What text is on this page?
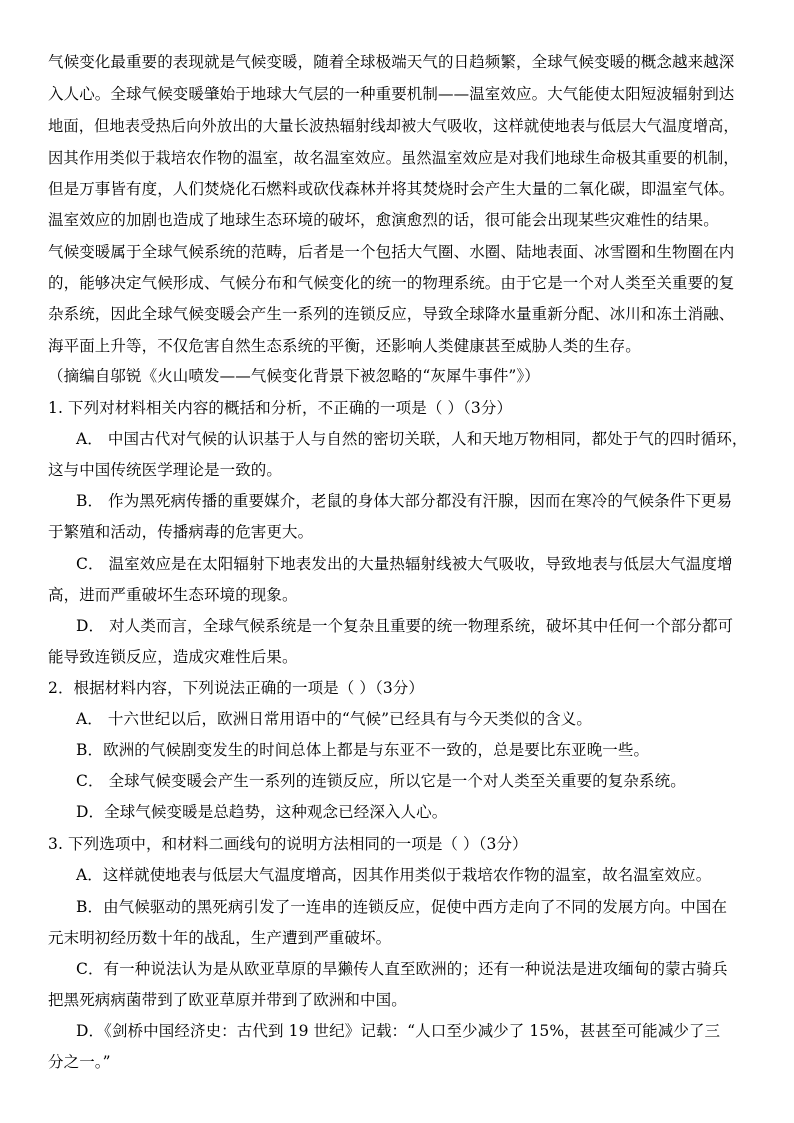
气候变化最重要的表现就是气候变暖，随着全球极端天气的日趋频繁，全球气候变暖的概念越来越深
入人心。全球气候变暖肇始于地球大气层的一种重要机制——温室效应。大气能使太阳短波辐射到达
地面，但地表受热后向外放出的大量长波热辐射线却被大气吸收，这样就使地表与低层大气温度增高，
因其作用类似于栽培农作物的温室，故名温室效应。虽然温室效应是对我们地球生命极其重要的机制，
但是万事皆有度，人们焚烧化石燃料或砍伐森林并将其焚烧时会产生大量的二氧化碳，即温室气体。
温室效应的加剧也造成了地球生态环境的破坏，愈演愈烈的话，很可能会出现某些灾难性的结果。
气候变暖属于全球气候系统的范畴，后者是一个包括大气圈、水圈、陆地表面、冰雪圈和生物圈在内
的，能够决定气候形成、气候分布和气候变化的统一的物理系统。由于它是一个对人类至关重要的复
杂系统，因此全球气候变暖会产生一系列的连锁反应，导致全球降水量重新分配、冰川和冻土消融、
海平面上升等，不仅危害自然生态系统的平衡，还影响人类健康甚至威胁人类的生存。
（摘编自邬锐《火山喷发——气候变化背景下被忽略的“灰犀牛事件”》）
1. 下列对材料相关内容的概括和分析，不正确的一项是（ ）（3分）
A． 中国古代对气候的认识基于人与自然的密切关联，人和天地万物相同，都处于气的四时循环，
这与中国传统医学理论是一致的。
B． 作为黑死病传播的重要媒介，老鼠的身体大部分都没有汗腺，因而在寒冷的气候条件下更易
于繁殖和活动，传播病毒的危害更大。
C． 温室效应是在太阳辐射下地表发出的大量热辐射线被大气吸收，导致地表与低层大气温度增
高，进而严重破坏生态环境的现象。
D． 对人类而言，全球气候系统是一个复杂且重要的统一物理系统，破坏其中任何一个部分都可
能导致连锁反应，造成灾难性后果。
2．根据材料内容，下列说法正确的一项是（ ）（3分）
A． 十六世纪以后，欧洲日常用语中的“气候”已经具有与今天类似的含义。
B．欧洲的气候剧变发生的时间总体上都是与东亚不一致的，总是要比东亚晚一些。
C． 全球气候变暖会产生一系列的连锁反应，所以它是一个对人类至关重要的复杂系统。
D．全球气候变暖是总趋势，这种观念已经深入人心。
3. 下列选项中，和材料二画线句的说明方法相同的一项是（ ）（3分）
A．这样就使地表与低层大气温度增高，因其作用类似于栽培农作物的温室，故名温室效应。
B．由气候驱动的黑死病引发了一连串的连锁反应，促使中西方走向了不同的发展方向。中国在
元末明初经历数十年的战乱，生产遭到严重破坏。
C．有一种说法认为是从欧亚草原的旱獭传人直至欧洲的；还有一种说法是进攻缅甸的蒙古骑兵
把黑死病病菌带到了欧亚草原并带到了欧洲和中国。
D．《剑桥中国经济史：古代到 19 世纪》记载：“人口至少减少了 15%，甚甚至可能减少了三
分之一。”
